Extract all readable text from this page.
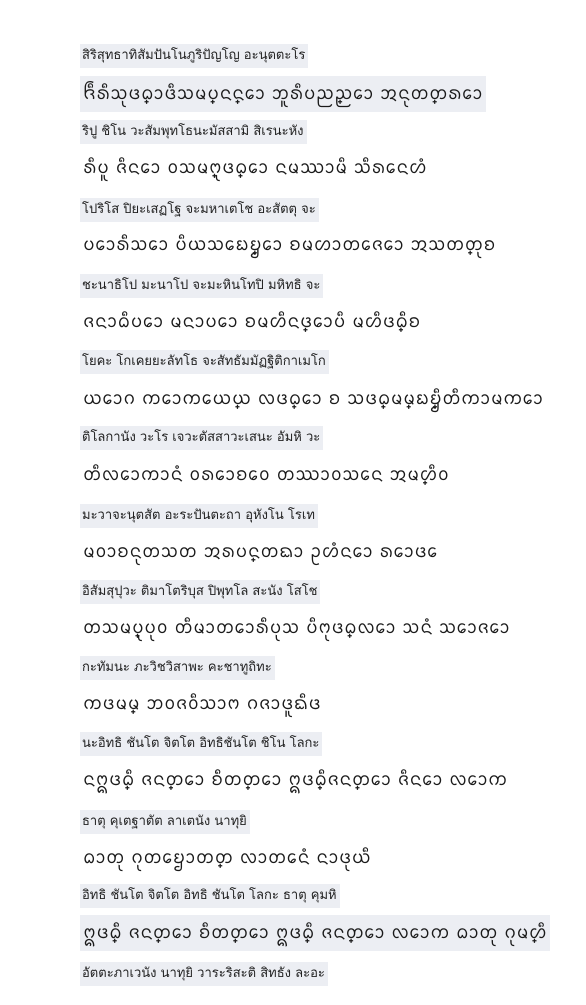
สิริสุทธาทิสัมปันโนภูริปัญโญ อะนุตตะโร
ᨪᩥᩁᩥᩈᩩᨴ᩠ᨵᩣᨴᩥᩈᨾ᩠ᨷᨶ᩠ᨶᩮᩣ ᨽᩪᩁᩥᨷᨬ᩠ᨬᩮᩣ ᩋᨶᩩᨲ᩠ᨲᩁᩮᩣ
ริปู ชิโน วะสัมพุทโธนะมัสสามิ สิเรนะหัง
ᩁᩥᨷᩪ ᨩᩥᨶᩮᩣ ᩅᩈᨾ᩠ᨻᩩᨴ᩠ᨵᩮᩣ ᨶᨾᩔᩣᨾᩥ ᩈᩥᩁᩮᨶᩉᩴ
โปริโส ปิยะเสฏโฐ จะมหาเตโช อะสัตตุ จะ
ᨷᩮᩣᩁᩥᩈᩮᩣ ᨷᩥᨿᩈᩮᨭ᩠ᨮᩮᩣ ᨧᨾᩉᩣᨲᩮᨩᩮᩣ ᩋᩈᨲ᩠ᨲᩩᨧ
ชะนาธิโป มะนาโป จะมะหินโทปิ มหิทธิ จะ
ᨩᨶᩣᨵᩥᨷᩮᩣ ᨾᨶᩣᨷᩮᩣ ᨧᨾᩉᩥᨶ᩠ᨴᩮᩣᨷᩥ ᨾᩉᩥᨴ᩠ᨵᩥᨧ
โยคะ โกเคยยะลัทโธ จะสัทธัมมัฏฐิติกาเมโก
ᨿᩮᩣᨣ ᨠᩮᩣᨠᩮᨿ᩠ᨿ ᩃᨴ᩠ᨵᩮᩣ ᨧ ᩈᨴ᩠ᨵᨾ᩠ᨾᨭ᩠ᨮᩥᨲᩥᨠᩣᨾᨠᩮᩣ
ติโลกานัง วะโร เจวะตัสสาวะเสนะ อัมหิ วะ
ᨲᩥᩃᩮᩣᨠᩣᨶᩴ ᩅᩁᩮᩣᨧᩮᩅ ᨲᩔᩣᩅᩈᩮᨶ ᩋᨾ᩠ᩉᩥᩅ
มะวาจะนุตสัต อะระปันตะถา อุหังโน โรเท
ᨾᩅᩣᨧᨶᩩᨲᩈᨲ ᩋᩁᨷ᩠ᨶᨲᨳᩣ ᩏᩉᩴᨶᩮᩣ ᩁᩮᩣᨴᩮ
อิสัมสุปุวะ ติมาโตริบุส ปิพุทโล สะนัง โสโช
ᨲᩈᨾ᩠ᨷᩩᨷᩩᩅ ᨲᩥᨾᩣᨲᩮᩣᩁᩥᨷᩩᩈ ᨷᩥᨻᩩᨴ᩠ᨵᩃᩮᩣ ᩈᨶᩴ ᩈᩮᩣᨩᩮᩣ
กะทัมนะ ภะวิชวิสาพะ คะชาทูถิทะ
ᨠᨴᨾ᩠ᨾ ᨽᩅᨩᩅᩥᩈᩣᨻ ᨣᨩᩣᨴᩪᨳᩥᨴ
นะอิทธิ ชันโต จิตโต อิทธิชันโต ชิโน โลกะ
ᨶᩍᨴ᩠ᨵᩥ ᨩᨶ᩠ᨲᩮᩣ ᨧᩥᨲ᩠ᨲᩮᩣ ᩍᨴ᩠ᨵᩥᨩᨶ᩠ᨲᩮᩣ ᨩᩥᨶᩮᩣ ᩃᩮᩣᨠ
ธาตุ คุเตฐาตัต ลาเตนัง นาทุยิ
ᨵᩣᨲᩩ ᨣᩩᨲᩮᨮᩣᨲ᩠ᨲ ᩃᩣᨲᩮᨶᩴ ᨶᩣᨴᩩᨿᩥ
อิทธิ ชันโต จิตโต อิทธิ ชันโต โลกะ ธาตุ คุมหิ
ᩍᨴ᩠ᨵᩥ ᨩᨶ᩠ᨲᩮᩣ ᨧᩥᨲ᩠ᨲᩮᩣ ᩍᨴ᩠ᨵᩥ ᨩᨶ᩠ᨲᩮᩣ ᩃᩮᩣᨠ ᨵᩣᨲᩩ ᨣᩩᨾ᩠ᩉᩥ
อัตตะภาเวนัง นาทุยิ วาระริสะติ สิทธัง ละอะ
